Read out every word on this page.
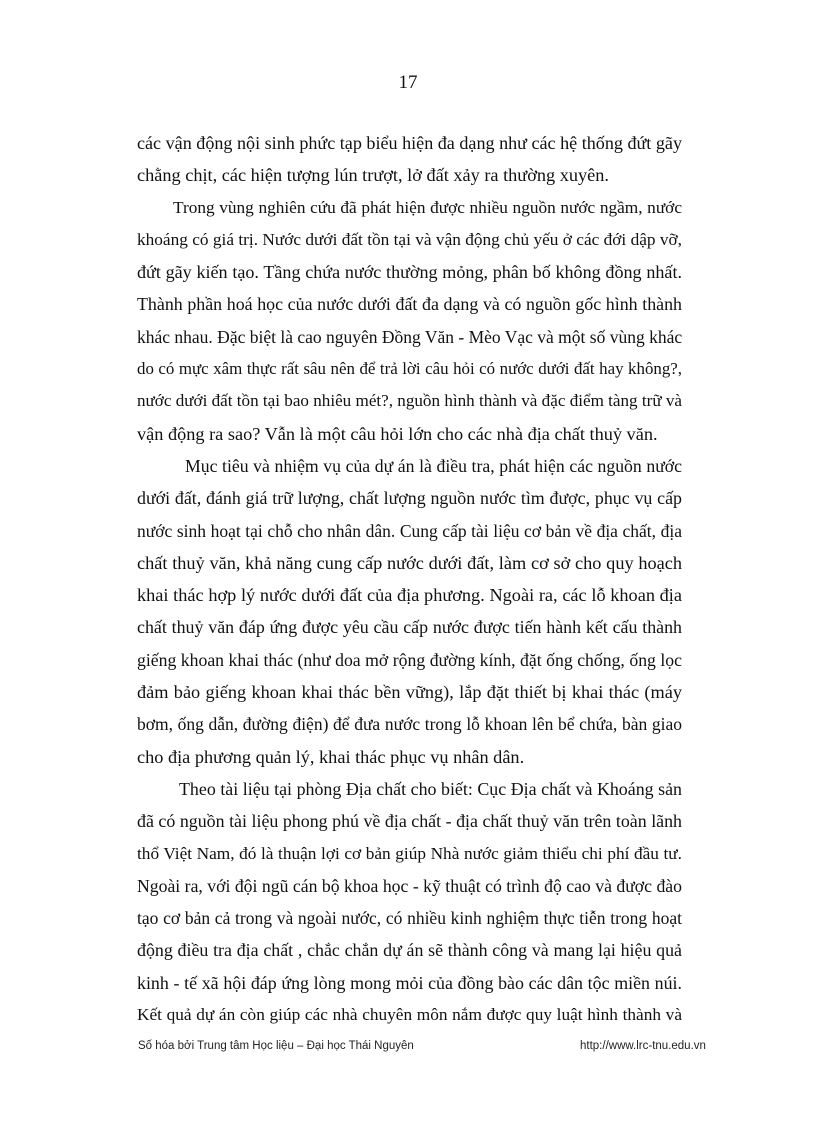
17
các vận động nội sinh phức tạp biểu hiện đa dạng như các hệ thống đứt gãy
chằng chịt, các hiện tượng lún trượt, lở đất xảy ra thường xuyên.
Trong vùng nghiên cứu đã phát hiện được nhiều nguồn nước ngầm, nước
khoáng có giá trị. Nước dưới đất tồn tại và vận động chủ yếu ở các đới dập vỡ,
đứt gãy kiến tạo. Tầng chứa nước thường mỏng, phân bố không đồng nhất.
Thành phần hoá học của nước dưới đất đa dạng và có nguồn gốc hình thành
khác nhau. Đặc biệt là cao nguyên Đồng Văn - Mèo Vạc và một số vùng khác
do có mực xâm thực rất sâu nên để trả lời câu hỏi có nước dưới đất hay không?,
nước dưới đất tồn tại bao nhiêu mét?, nguồn hình thành và đặc điểm tàng trữ và
vận động ra sao? Vẫn là một câu hỏi lớn cho các nhà địa chất thuỷ văn.
Mục tiêu và nhiệm vụ của dự án là điều tra, phát hiện các nguồn nước
dưới đất, đánh giá trữ lượng, chất lượng nguồn nước tìm được, phục vụ cấp
nước sinh hoạt tại chỗ cho nhân dân. Cung cấp tài liệu cơ bản về địa chất, địa
chất thuỷ văn, khả năng cung cấp nước dưới đất, làm cơ sở cho quy hoạch
khai thác hợp lý nước dưới đất của địa phương. Ngoài ra, các lỗ khoan địa
chất thuỷ văn đáp ứng được yêu cầu cấp nước được tiến hành kết cấu thành
giếng khoan khai thác (như doa mở rộng đường kính, đặt ống chống, ống lọc
đảm bảo giếng khoan khai thác bền vững), lắp đặt thiết bị khai thác (máy
bơm, ống dẫn, đường điện) để đưa nước trong lỗ khoan lên bể chứa, bàn giao
cho địa phương quản lý, khai thác phục vụ nhân dân.
Theo tài liệu tại phòng Địa chất cho biết: Cục Địa chất và Khoáng sản
đã có nguồn tài liệu phong phú về địa chất - địa chất thuỷ văn trên toàn lãnh
thổ Việt Nam, đó là thuận lợi cơ bản giúp Nhà nước giảm thiểu chi phí đầu tư.
Ngoài ra, với đội ngũ cán bộ khoa học - kỹ thuật có trình độ cao và được đào
tạo cơ bản cả trong và ngoài nước, có nhiều kinh nghiệm thực tiễn trong hoạt
động điều tra địa chất , chắc chắn dự án sẽ thành công và mang lại hiệu quả
kinh - tế xã hội đáp ứng lòng mong mỏi của đồng bào các dân tộc miền núi.
Kết quả dự án còn giúp các nhà chuyên môn nắm được quy luật hình thành và
Số hóa bởi Trung tâm Học liệu – Đại học Thái Nguyên	http://www.lrc-tnu.edu.vn
